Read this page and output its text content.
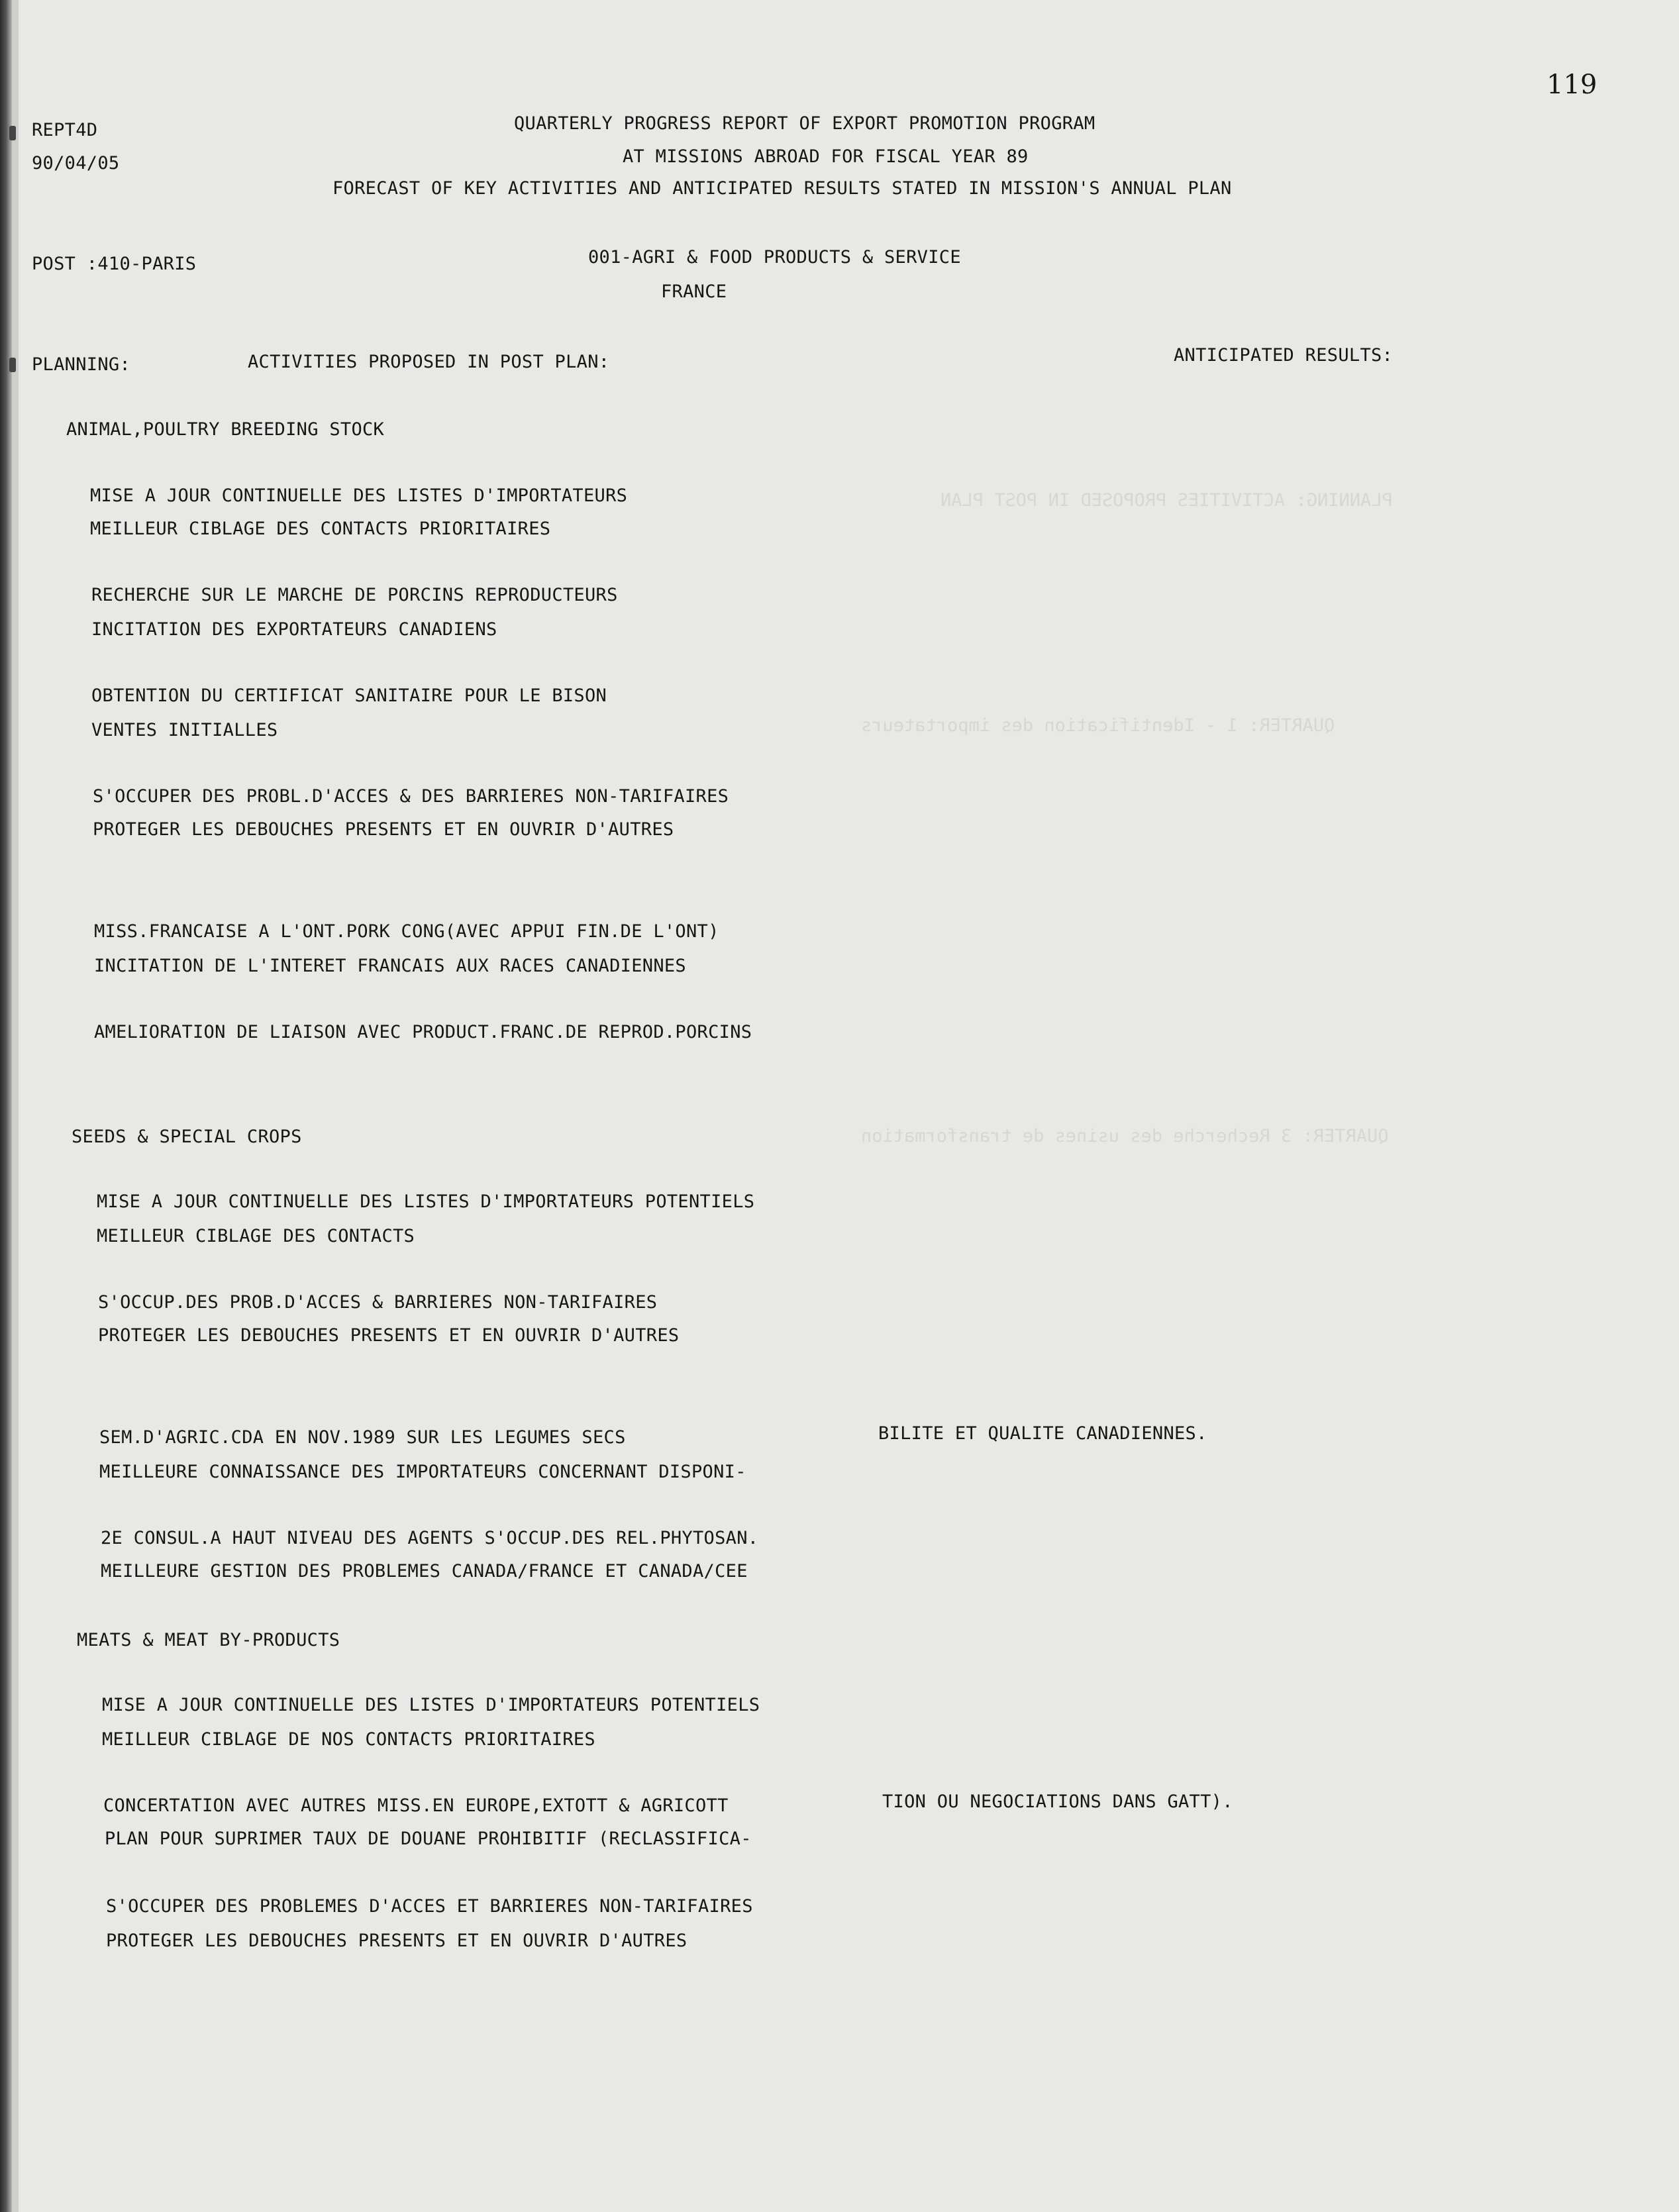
PLANNING: ACTIVITIES PROPOSED IN POST PLAN
QUARTER: 1 - Identification des importateurs
QUARTER: 3 Recherche des usines de transformation
119
REPT4D
90/04/05
QUARTERLY PROGRESS REPORT OF EXPORT PROMOTION PROGRAM
AT MISSIONS ABROAD FOR FISCAL YEAR 89
FORECAST OF KEY ACTIVITIES AND ANTICIPATED RESULTS STATED IN MISSION'S ANNUAL PLAN
POST :410-PARIS	001-AGRI & FOOD PRODUCTS & SERVICE
FRANCE
PLANNING:	ACTIVITIES PROPOSED IN POST PLAN:	ANTICIPATED RESULTS:
ANIMAL,POULTRY BREEDING STOCK
MISE A JOUR CONTINUELLE DES LISTES D'IMPORTATEURS
MEILLEUR CIBLAGE DES CONTACTS PRIORITAIRES
RECHERCHE SUR LE MARCHE DE PORCINS REPRODUCTEURS
INCITATION DES EXPORTATEURS CANADIENS
OBTENTION DU CERTIFICAT SANITAIRE POUR LE BISON
VENTES INITIALLES
S'OCCUPER DES PROBL.D'ACCES & DES BARRIERES NON-TARIFAIRES
PROTEGER LES DEBOUCHES PRESENTS ET EN OUVRIR D'AUTRES
MISS.FRANCAISE A L'ONT.PORK CONG(AVEC APPUI FIN.DE L'ONT)
INCITATION DE L'INTERET FRANCAIS AUX RACES CANADIENNES
AMELIORATION DE LIAISON AVEC PRODUCT.FRANC.DE REPROD.PORCINS
SEEDS & SPECIAL CROPS
MISE A JOUR CONTINUELLE DES LISTES D'IMPORTATEURS POTENTIELS
MEILLEUR CIBLAGE DES CONTACTS
S'OCCUP.DES PROB.D'ACCES & BARRIERES NON-TARIFAIRES
PROTEGER LES DEBOUCHES PRESENTS ET EN OUVRIR D'AUTRES
SEM.D'AGRIC.CDA EN NOV.1989 SUR LES LEGUMES SECS	BILITE ET QUALITE CANADIENNES.
MEILLEURE CONNAISSANCE DES IMPORTATEURS CONCERNANT DISPONI-
2E CONSUL.A HAUT NIVEAU DES AGENTS S'OCCUP.DES REL.PHYTOSAN.
MEILLEURE GESTION DES PROBLEMES CANADA/FRANCE ET CANADA/CEE
MEATS & MEAT BY-PRODUCTS
MISE A JOUR CONTINUELLE DES LISTES D'IMPORTATEURS POTENTIELS
MEILLEUR CIBLAGE DE NOS CONTACTS PRIORITAIRES
CONCERTATION AVEC AUTRES MISS.EN EUROPE,EXTOTT & AGRICOTT	TION OU NEGOCIATIONS DANS GATT).
PLAN POUR SUPRIMER TAUX DE DOUANE PROHIBITIF (RECLASSIFICA-
S'OCCUPER DES PROBLEMES D'ACCES ET BARRIERES NON-TARIFAIRES
PROTEGER LES DEBOUCHES PRESENTS ET EN OUVRIR D'AUTRES
